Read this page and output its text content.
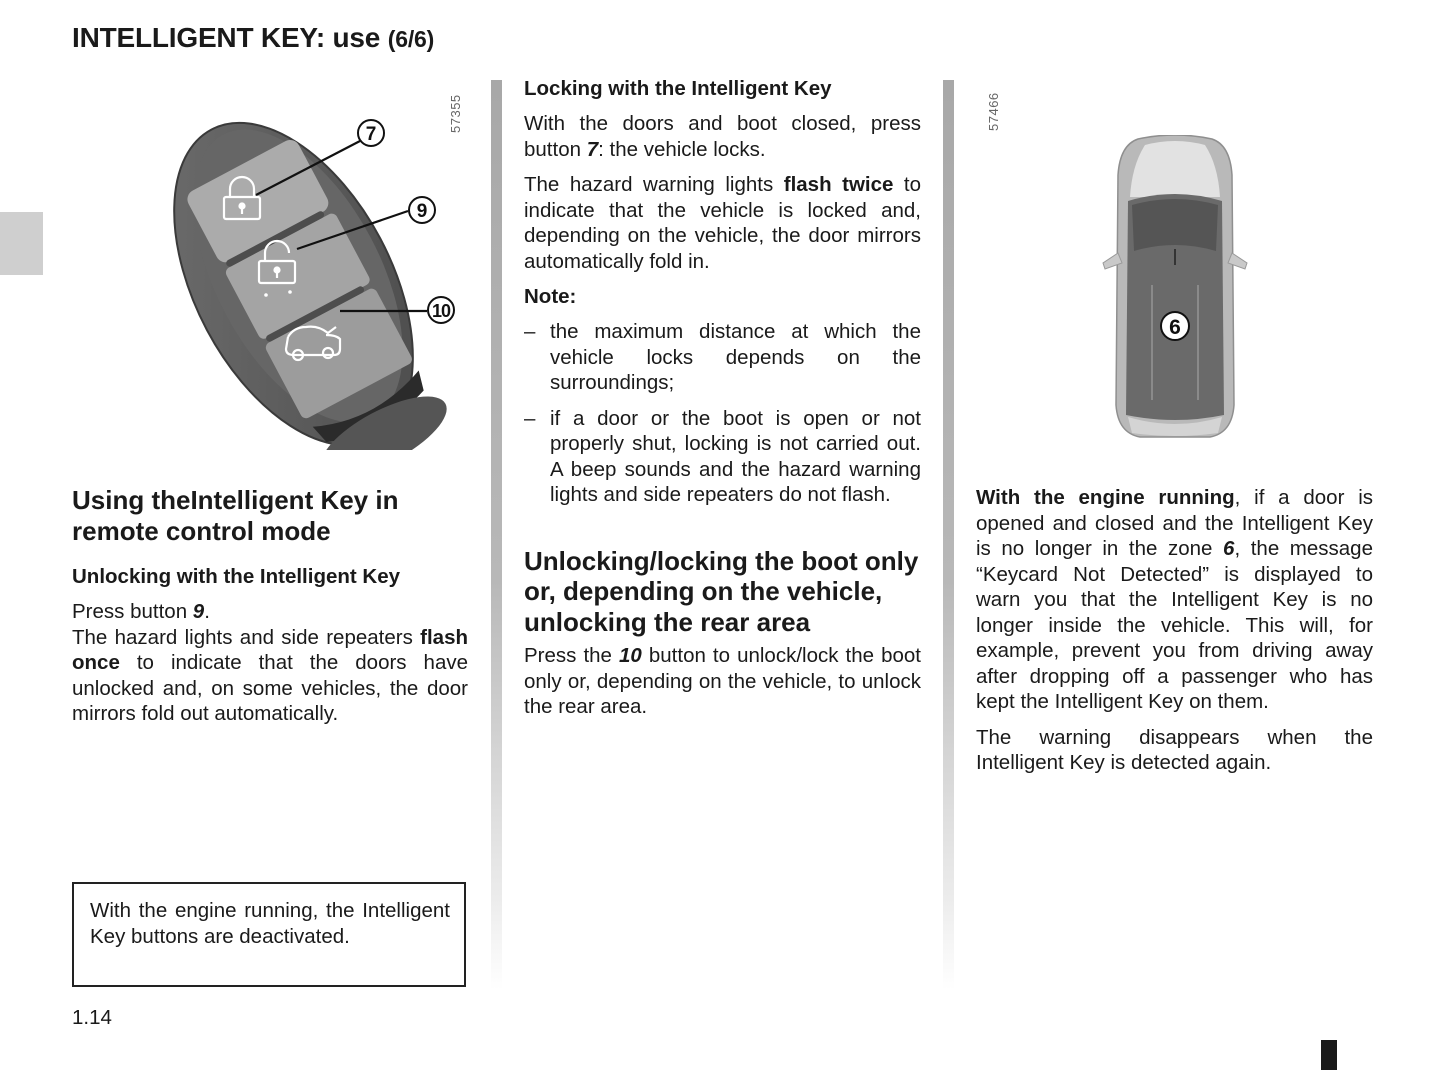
INTELLIGENT KEY: use (6/6)
7
9
10
57355	57466
6
Using theIntelligent Key in remote control mode
Unlocking with the Intelligent Key

Press button 9.

The hazard lights and side repeaters flash once to indicate that the doors have unlocked and, on some vehicles, the door mirrors fold out automatically.

With the engine running, the Intelligent Key buttons are deactivated.
1.14
Locking with the Intelligent Key

With the doors and boot closed, press button 7: the vehicle locks.

The hazard warning lights flash twice to indicate that the vehicle is locked and, depending on the vehicle, the door mirrors automatically fold in.

Note:
– the maximum distance at which the vehicle locks depends on the surroundings;
– if a door or the boot is open or not properly shut, locking is not carried out. A beep sounds and the hazard warning lights and side repeaters do not flash.
Unlocking/locking the boot only or, depending on the vehicle, unlocking the rear area

Press the 10 button to unlock/lock the boot only or, depending on the vehicle, to unlock the rear area.

With the engine running, if a door is opened and closed and the Intelligent Key is no longer in the zone 6, the message “Keycard Not Detected” is displayed to warn you that the Intelligent Key is no longer inside the vehicle. This will, for example, prevent you from driving away after dropping off a passenger who has kept the Intelligent Key on them.

The warning disappears when the Intelligent Key is detected again.
